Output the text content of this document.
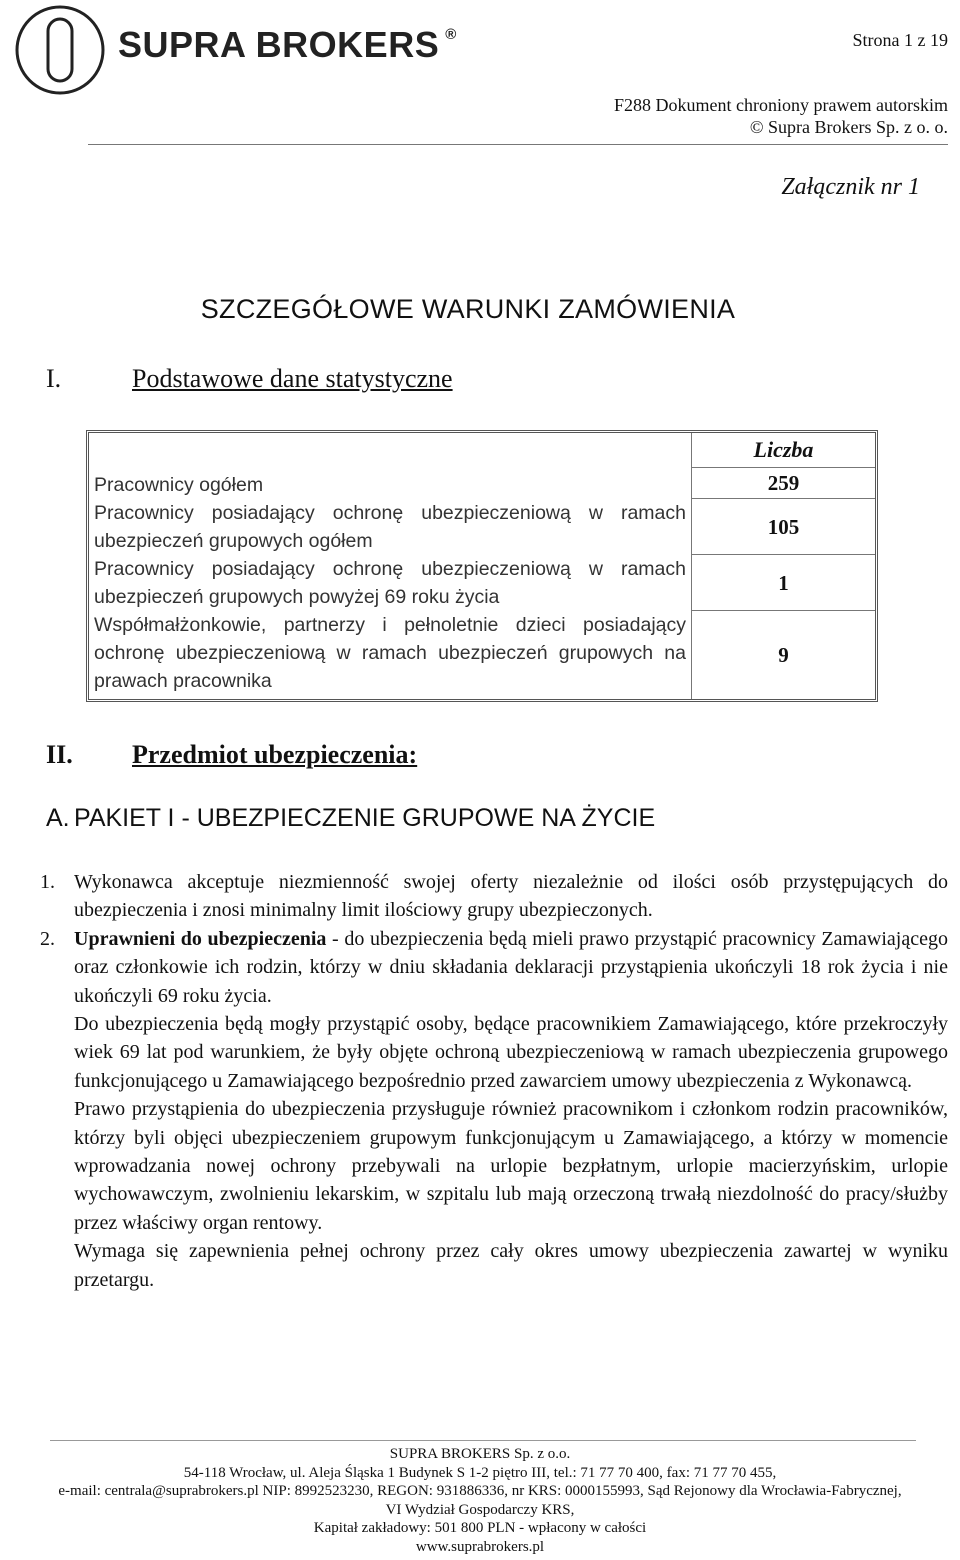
SUPRA BROKERS ®	Strona 1 z 19
F288 Dokument chroniony prawem autorskim
© Supra Brokers Sp. z o. o.
Załącznik nr 1
SZCZEGÓŁOWE WARUNKI ZAMÓWIENIA
I.	Podstawowe dane statystyczne
	Liczba
Pracownicy ogółem	259
Pracownicy posiadający ochronę ubezpieczeniową w ramach ubezpieczeń grupowych ogółem	105
Pracownicy posiadający ochronę ubezpieczeniową w ramach ubezpieczeń grupowych powyżej 69 roku życia	1
Współmałżonkowie, partnerzy i pełnoletnie dzieci posiadający ochronę ubezpieczeniową w ramach ubezpieczeń grupowych na prawach pracownika	9
II. Przedmiot ubezpieczenia:
A. PAKIET I - UBEZPIECZENIE GRUPOWE NA ŻYCIE
1. Wykonawca akceptuje niezmienność swojej oferty niezależnie od ilości osób przystępujących do ubezpieczenia i znosi minimalny limit ilościowy grupy ubezpieczonych.

2. Uprawnieni do ubezpieczenia - do ubezpieczenia będą mieli prawo przystąpić pracownicy Zamawiającego oraz członkowie ich rodzin, którzy w dniu składania deklaracji przystąpienia ukończyli 18 rok życia i nie ukończyli 69 roku życia.

Do ubezpieczenia będą mogły przystąpić osoby, będące pracownikiem Zamawiającego, które przekroczyły wiek 69 lat pod warunkiem, że były objęte ochroną ubezpieczeniową w ramach ubezpieczenia grupowego funkcjonującego u Zamawiającego bezpośrednio przed zawarciem umowy ubezpieczenia z Wykonawcą.

Prawo przystąpienia do ubezpieczenia przysługuje również pracownikom i członkom rodzin pracowników, którzy byli objęci ubezpieczeniem grupowym funkcjonującym u Zamawiającego, a którzy w momencie wprowadzania nowej ochrony przebywali na urlopie bezpłatnym, urlopie macierzyńskim, urlopie wychowawczym, zwolnieniu lekarskim, w szpitalu lub mają orzeczoną trwałą niezdolność do pracy/służby przez właściwy organ rentowy.

Wymaga się zapewnienia pełnej ochrony przez cały okres umowy ubezpieczenia zawartej w wyniku przetargu.

SUPRA BROKERS Sp. z o.o.
54-118 Wrocław, ul. Aleja Śląska 1 Budynek S 1-2 piętro III, tel.: 71 77 70 400, fax: 71 77 70 455,
e-mail: centrala@suprabrokers.pl NIP: 8992523230, REGON: 931886336, nr KRS: 0000155993, Sąd Rejonowy dla Wrocławia-Fabrycznej,
VI Wydział Gospodarczy KRS,
Kapitał zakładowy: 501 800 PLN - wpłacony w całości
www.suprabrokers.pl
